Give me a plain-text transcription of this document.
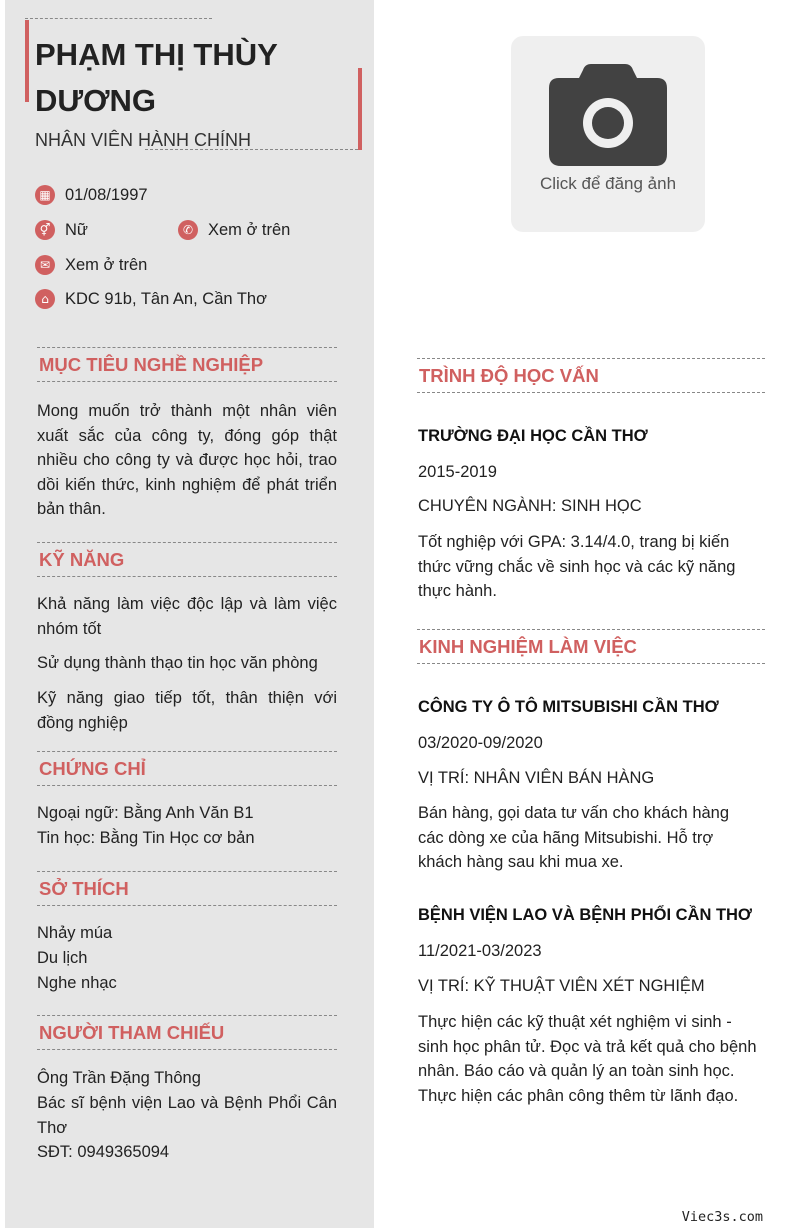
PHẠM THỊ THÙY DƯƠNG
NHÂN VIÊN HÀNH CHÍNH
▦ 01/08/1997
⚥ Nữ	✆ Xem ở trên
✉ Xem ở trên
⌂ KDC 91b, Tân An, Cần Thơ
MỤC TIÊU NGHỀ NGHIỆP
Mong muốn trở thành một nhân viên xuất sắc của công ty, đóng góp thật nhiều cho công ty và được học hỏi, trao dồi kiến thức, kinh nghiệm để phát triển bản thân.
KỸ NĂNG
Khả năng làm việc độc lập và làm việc nhóm tốt
Sử dụng thành thạo tin học văn phòng
Kỹ năng giao tiếp tốt, thân thiện với đồng nghiệp
CHỨNG CHỈ
Ngoại ngữ: Bằng Anh Văn B1
Tin học: Bằng Tin Học cơ bản
SỞ THÍCH
Nhảy múa
Du lịch
Nghe nhạc
NGƯỜI THAM CHIẾU
Ông Trần Đặng Thông
Bác sĩ bệnh viện Lao và Bệnh Phổi Cân Thơ
SĐT: 0949365094
Click để đăng ảnh
TRÌNH ĐỘ HỌC VẤN
TRƯỜNG ĐẠI HỌC CẦN THƠ
2015-2019
CHUYÊN NGÀNH: SINH HỌC
Tốt nghiệp với GPA: 3.14/4.0, trang bị kiến thức vững chắc về sinh học và các kỹ năng thực hành.
KINH NGHIỆM LÀM VIỆC
CÔNG TY Ô TÔ MITSUBISHI CẦN THƠ
03/2020-09/2020
VỊ TRÍ: NHÂN VIÊN BÁN HÀNG
Bán hàng, gọi data tư vấn cho khách hàng các dòng xe của hãng Mitsubishi. Hỗ trợ khách hàng sau khi mua xe.
BỆNH VIỆN LAO VÀ BỆNH PHỔI CẦN THƠ
11/2021-03/2023
VỊ TRÍ: KỸ THUẬT VIÊN XÉT NGHIỆM
Thực hiện các kỹ thuật xét nghiệm vi sinh - sinh học phân tử. Đọc và trả kết quả cho bệnh nhân. Báo cáo và quản lý an toàn sinh học. Thực hiện các phân công thêm từ lãnh đạo.
Viec3s.com
